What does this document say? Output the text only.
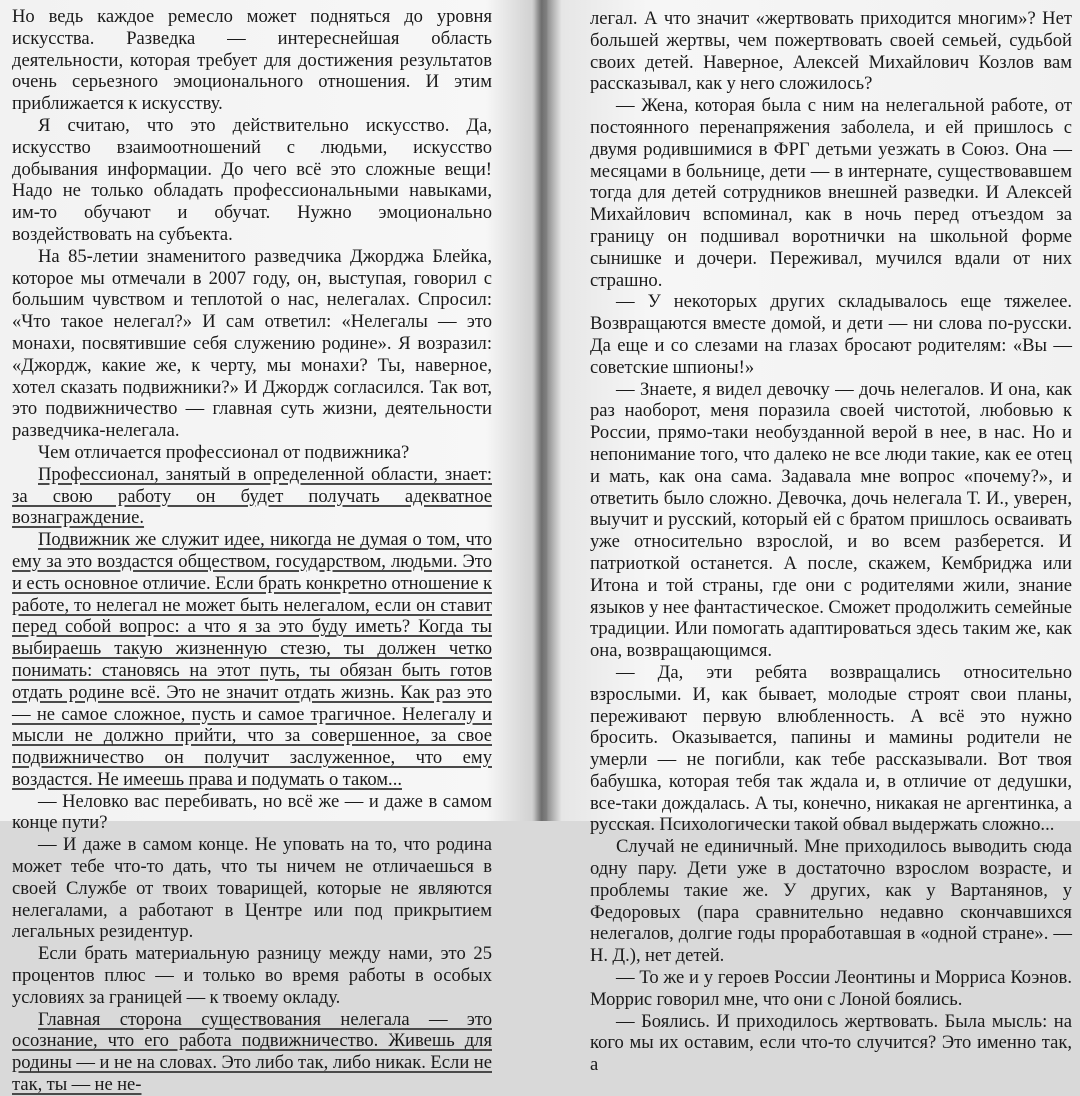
Но ведь каждое ремесло может подняться до уровня искусства. Разведка — интереснейшая область деятельности, которая требует для достижения результатов очень серьезного эмоционального отношения. И этим приближается к искусству.

Я считаю, что это действительно искусство. Да, искусство взаимоотношений с людьми, искусство добывания информации. До чего всё это сложные вещи! Надо не только обладать профессиональными навыками, им-то обучают и обучат. Нужно эмоционально воздействовать на субъекта.

На 85-летии знаменитого разведчика Джорджа Блейка, которое мы отмечали в 2007 году, он, выступая, говорил с большим чувством и теплотой о нас, нелегалах. Спросил: «Что такое нелегал?» И сам ответил: «Нелегалы — это монахи, посвятившие себя служению родине». Я возразил: «Джордж, какие же, к черту, мы монахи? Ты, наверное, хотел сказать подвижники?» И Джордж согласился. Так вот, это подвижничество — главная суть жизни, деятельности разведчика-нелегала.

Чем отличается профессионал от подвижника?

Профессионал, занятый в определенной области, знает: за свою работу он будет получать адекватное вознаграждение.

Подвижник же служит идее, никогда не думая о том, что ему за это воздастся обществом, государством, людьми. Это и есть основное отличие. Если брать конкретно отношение к работе, то нелегал не может быть нелегалом, если он ставит перед собой вопрос: а что я за это буду иметь? Когда ты выбираешь такую жизненную стезю, ты должен четко понимать: становясь на этот путь, ты обязан быть готов отдать родине всё. Это не значит отдать жизнь. Как раз это — не самое сложное, пусть и самое трагичное. Нелегалу и мысли не должно прийти, что за совершенное, за свое подвижничество он получит заслуженное, что ему воздастся. Не имеешь права и подумать о таком...

— Неловко вас перебивать, но всё же — и даже в самом конце пути?

— И даже в самом конце. Не уповать на то, что родина может тебе что-то дать, что ты ничем не отличаешься в своей Службе от твоих товарищей, которые не являются нелегалами, а работают в Центре или под прикрытием легальных резидентур.

Если брать материальную разницу между нами, это 25 процентов плюс — и только во время работы в особых условиях за границей — к твоему окладу.

Главная сторона существования нелегала — это осознание, что его работа подвижничество. Живешь для родины — и не на словах. Это либо так, либо никак. Если не так, ты — не не-

легал. А что значит «жертвовать приходится многим»? Нет большей жертвы, чем пожертвовать своей семьей, судьбой своих детей. Наверное, Алексей Михайлович Козлов вам рассказывал, как у него сложилось?

— Жена, которая была с ним на нелегальной работе, от постоянного перенапряжения заболела, и ей пришлось с двумя родившимися в ФРГ детьми уезжать в Союз. Она — месяцами в больнице, дети — в интернате, существовавшем тогда для детей сотрудников внешней разведки. И Алексей Михайлович вспоминал, как в ночь перед отъездом за границу он подшивал воротнички на школьной форме сынишке и дочери. Переживал, мучился вдали от них страшно.

— У некоторых других складывалось еще тяжелее. Возвращаются вместе домой, и дети — ни слова по-русски. Да еще и со слезами на глазах бросают родителям: «Вы — советские шпионы!»

— Знаете, я видел девочку — дочь нелегалов. И она, как раз наоборот, меня поразила своей чистотой, любовью к России, прямо-таки необузданной верой в нее, в нас. Но и непонимание того, что далеко не все люди такие, как ее отец и мать, как она сама. Задавала мне вопрос «почему?», и ответить было сложно. Девочка, дочь нелегала Т. И., уверен, выучит и русский, который ей с братом пришлось осваивать уже относительно взрослой, и во всем разберется. И патриоткой останется. А после, скажем, Кембриджа или Итона и той страны, где они с родителями жили, знание языков у нее фантастическое. Сможет продолжить семейные традиции. Или помогать адаптироваться здесь таким же, как она, возвращающимся.

— Да, эти ребята возвращались относительно взрослыми. И, как бывает, молодые строят свои планы, переживают первую влюбленность. А всё это нужно бросить. Оказывается, папины и мамины родители не умерли — не погибли, как тебе рассказывали. Вот твоя бабушка, которая тебя так ждала и, в отличие от дедушки, все-таки дождалась. А ты, конечно, никакая не аргентинка, а русская. Психологически такой обвал выдержать сложно...

Случай не единичный. Мне приходилось выводить сюда одну пару. Дети уже в достаточно взрослом возрасте, и проблемы такие же. У других, как у Вартанянов, у Федоровых (пара сравнительно недавно скончавшихся нелегалов, долгие годы проработавшая в «одной стране». — Н. Д.), нет детей.

— То же и у героев России Леонтины и Морриса Коэнов. Моррис говорил мне, что они с Лоной боялись.

— Боялись. И приходилось жертвовать. Была мысль: на кого мы их оставим, если что-то случится? Это именно так, а
